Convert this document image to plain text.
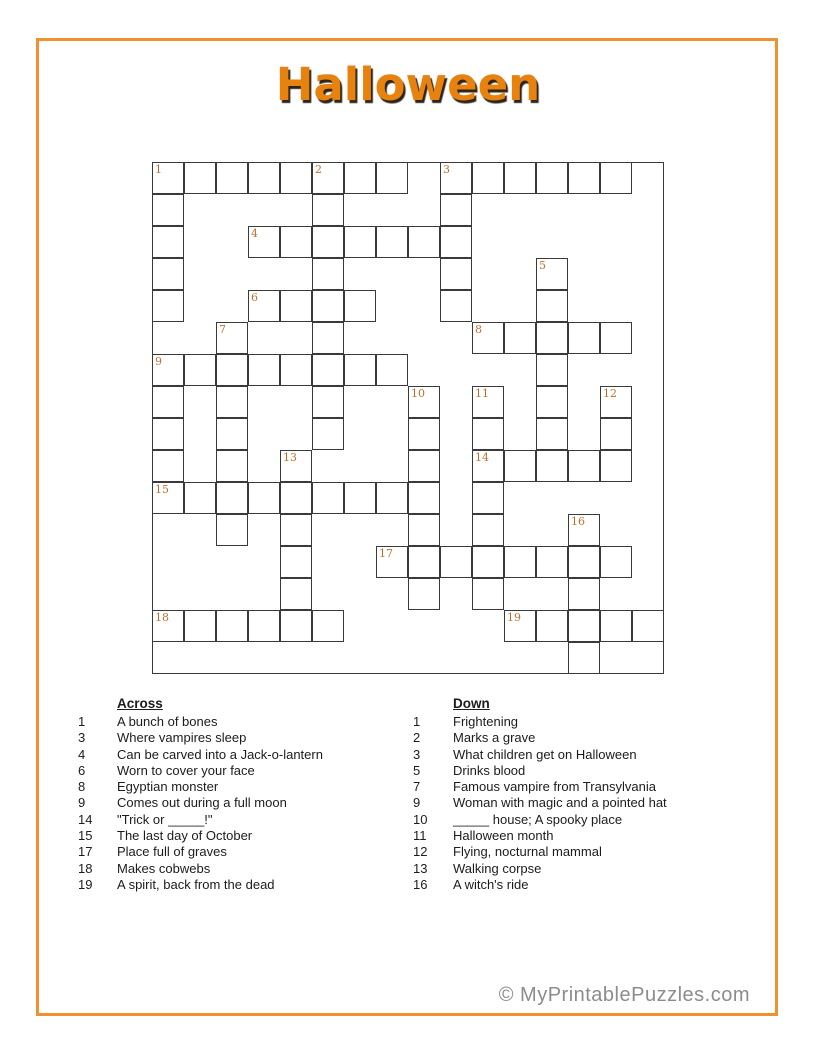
Halloween
1	2	3
4
5
6
7	8
9
10	11	12
13	14
15
16
17
18	19

Across

1	A bunch of bones
3	Where vampires sleep
4	Can be carved into a Jack-o-lantern
6	Worn to cover your face
8	Egyptian monster
9	Comes out during a full moon
14	"Trick or _____!"
15	The last day of October
17	Place full of graves
18	Makes cobwebs
19	A spirit, back from the dead

Down

1	Frightening
2	Marks a grave
3	What children get on Halloween
5	Drinks blood
7	Famous vampire from Transylvania
9	Woman with magic and a pointed hat
10	_____ house; A spooky place
11	Halloween month
12	Flying, nocturnal mammal
13	Walking corpse
16	A witch's ride
© MyPrintablePuzzles.com
